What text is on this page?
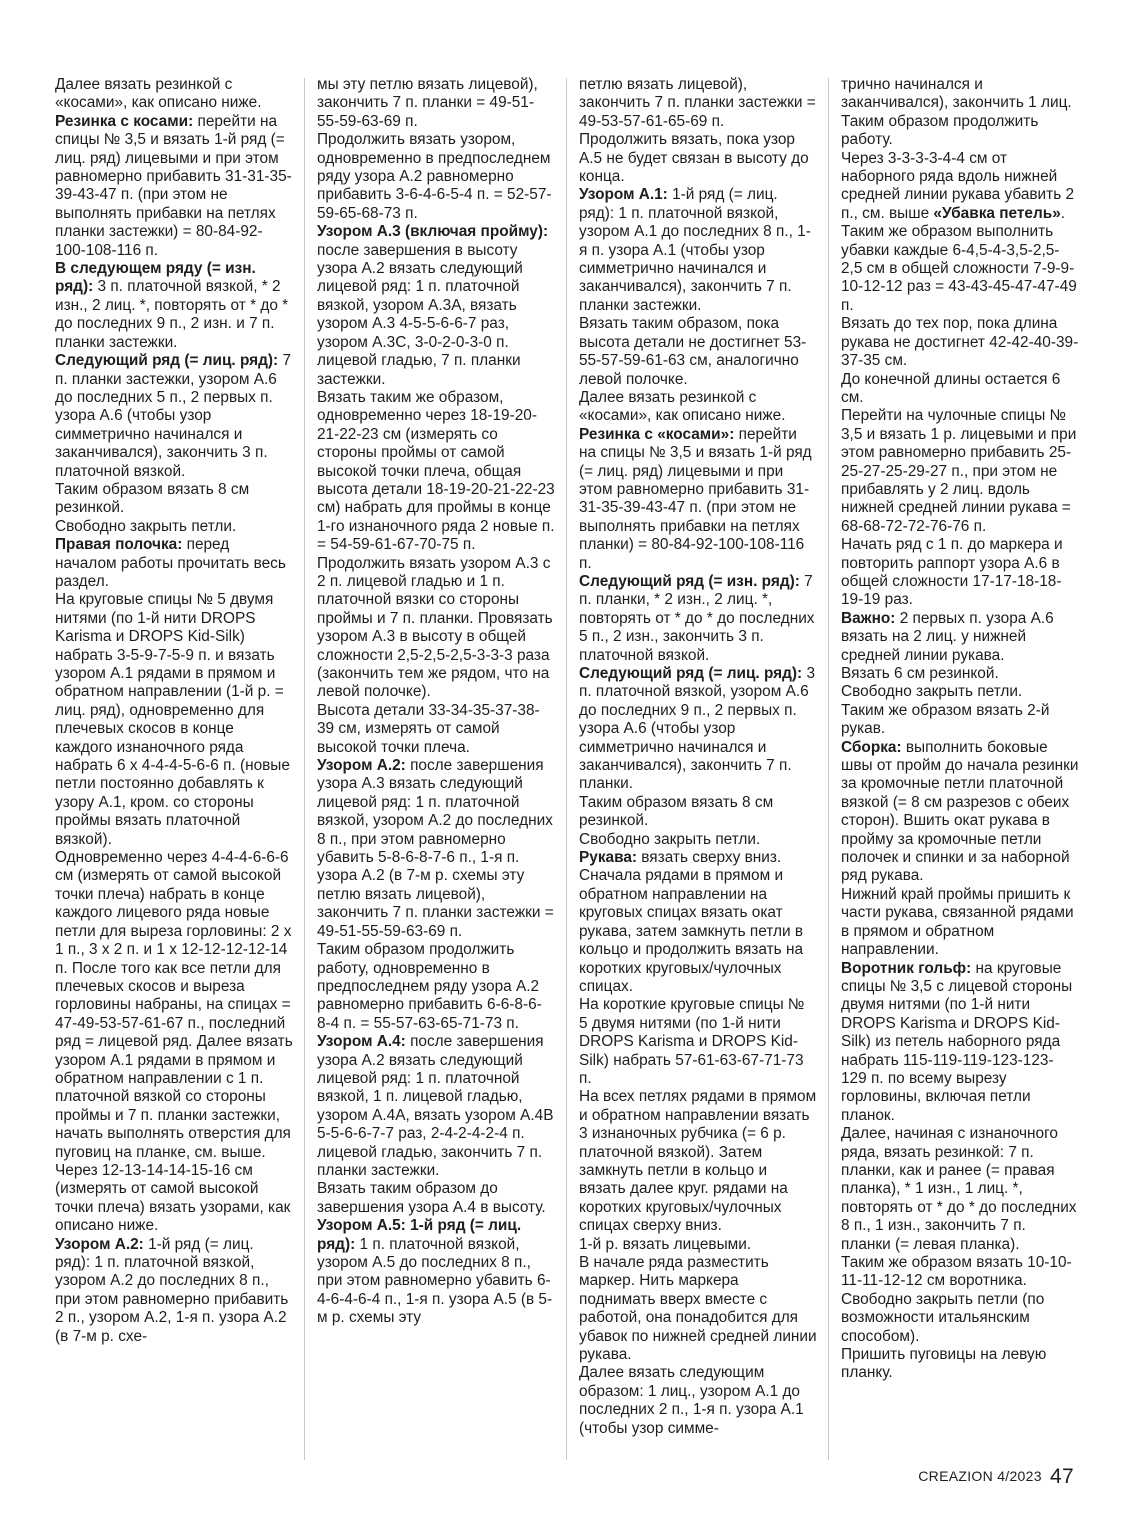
Далее вязать резинкой с «косами», как описано ниже.

Резинка с косами: перейти на спицы № 3,5 и вязать 1-й ряд (= лиц. ряд) лицевыми и при этом равномерно прибавить 31-31-35-39-43-47 п. (при этом не выполнять прибавки на петлях планки застежки) = 80-84-92-100-108-116 п.

В следующем ряду (= изн. ряд): 3 п. платочной вязкой, * 2 изн., 2 лиц. *, повторять от * до * до последних 9 п., 2 изн. и 7 п. планки застежки.

Следующий ряд (= лиц. ряд): 7 п. планки застежки, узором А.6 до последних 5 п., 2 первых п. узора А.6 (чтобы узор симметрично начинался и заканчивался), закончить 3 п. платочной вязкой.

Таким образом вязать 8 см резинкой.

Свободно закрыть петли.

Правая полочка: перед началом работы прочитать весь раздел.

На круговые спицы № 5 двумя нитями (по 1-й нити DROPS Karisma и DROPS Kid-Silk) набрать 3-5-9-7-5-9 п. и вязать узором А.1 рядами в прямом и обратном направлении (1-й р. = лиц. ряд), одновременно для плечевых скосов в конце каждого изнаночного ряда набрать 6 х 4-4-4-5-6-6 п. (новые петли постоянно добавлять к узору А.1, кром. со стороны проймы вязать платочной вязкой).

Одновременно через 4-4-4-6-6-6 см (измерять от самой высокой точки плеча) набрать в конце каждого лицевого ряда новые петли для выреза горловины: 2 х 1 п., 3 х 2 п. и 1 х 12-12-12-12-14 п. После того как все петли для плечевых скосов и выреза горловины набраны, на спицах = 47-49-53-57-61-67 п., последний ряд = лицевой ряд. Далее вязать узором А.1 рядами в прямом и обратном направлении с 1 п. платочной вязкой со стороны проймы и 7 п. планки застежки, начать выполнять отверстия для пуговиц на планке, см. выше.

Через 12-13-14-14-15-16 см (измерять от самой высокой точки плеча) вязать узорами, как описано ниже.

Узором А.2: 1-й ряд (= лиц. ряд): 1 п. платочной вязкой, узором А.2 до последних 8 п., при этом равномерно прибавить 2 п., узором А.2, 1-я п. узора А.2 (в 7-м р. схе-

мы эту петлю вязать лицевой), закончить 7 п. планки = 49-51-55-59-63-69 п.

Продолжить вязать узором, одновременно в предпоследнем ряду узора А.2 равномерно прибавить 3-6-4-6-5-4 п. = 52-57-59-65-68-73 п.

Узором А.3 (включая пройму): после завершения в высоту узора А.2 вязать следующий лицевой ряд: 1 п. платочной вязкой, узором А.3А, вязать узором А.3 4-5-5-6-6-7 раз, узором А.3С, 3-0-2-0-3-0 п. лицевой гладью, 7 п. планки застежки.

Вязать таким же образом, одновременно через 18-19-20-21-22-23 см (измерять со стороны проймы от самой высокой точки плеча, общая высота детали 18-19-20-21-22-23 см) набрать для проймы в конце 1-го изнаночного ряда 2 новые п. = 54-59-61-67-70-75 п.

Продолжить вязать узором А.3 с 2 п. лицевой гладью и 1 п. платочной вязки со стороны проймы и 7 п. планки. Провязать узором А.3 в высоту в общей сложности 2,5-2,5-2,5-3-3-3 раза (закончить тем же рядом, что на левой полочке).

Высота детали 33-34-35-37-38-39 см, измерять от самой высокой точки плеча.

Узором А.2: после завершения узора А.3 вязать следующий лицевой ряд: 1 п. платочной вязкой, узором А.2 до последних 8 п., при этом равномерно убавить 5-8-6-8-7-6 п., 1-я п. узора А.2 (в 7-м р. схемы эту петлю вязать лицевой), закончить 7 п. планки застежки = 49-51-55-59-63-69 п.

Таким образом продолжить работу, одновременно в предпоследнем ряду узора А.2 равномерно прибавить 6-6-8-6-8-4 п. = 55-57-63-65-71-73 п.

Узором А.4: после завершения узора А.2 вязать следующий лицевой ряд: 1 п. платочной вязкой, 1 п. лицевой гладью, узором А.4А, вязать узором А.4В 5-5-6-6-7-7 раз, 2-4-2-4-2-4 п. лицевой гладью, закончить 7 п. планки застежки.

Вязать таким образом до завершения узора А.4 в высоту.

Узором А.5: 1-й ряд (= лиц. ряд): 1 п. платочной вязкой, узором А.5 до последних 8 п., при этом равномерно убавить 6-4-6-4-6-4 п., 1-я п. узора А.5 (в 5-м р. схемы эту

петлю вязать лицевой), закончить 7 п. планки застежки = 49-53-57-61-65-69 п.

Продолжить вязать, пока узор А.5 не будет связан в высоту до конца.

Узором А.1: 1-й ряд (= лиц. ряд): 1 п. платочной вязкой, узором А.1 до последних 8 п., 1-я п. узора А.1 (чтобы узор симметрично начинался и заканчивался), закончить 7 п. планки застежки.

Вязать таким образом, пока высота детали не достигнет 53-55-57-59-61-63 см, аналогично левой полочке.

Далее вязать резинкой с «косами», как описано ниже.

Резинка с «косами»: перейти на спицы № 3,5 и вязать 1-й ряд (= лиц. ряд) лицевыми и при этом равномерно прибавить 31-31-35-39-43-47 п. (при этом не выполнять прибавки на петлях планки) = 80-84-92-100-108-116 п.

Следующий ряд (= изн. ряд): 7 п. планки, * 2 изн., 2 лиц. *, повторять от * до * до последних 5 п., 2 изн., закончить 3 п. платочной вязкой.

Следующий ряд (= лиц. ряд): 3 п. платочной вязкой, узором А.6 до последних 9 п., 2 первых п. узора А.6 (чтобы узор симметрично начинался и заканчивался), закончить 7 п. планки.

Таким образом вязать 8 см резинкой.

Свободно закрыть петли.

Рукава: вязать сверху вниз. Сначала рядами в прямом и обратном направлении на круговых спицах вязать окат рукава, затем замкнуть петли в кольцо и продолжить вязать на коротких круговых/чулочных спицах.

На короткие круговые спицы № 5 двумя нитями (по 1-й нити DROPS Karisma и DROPS Kid-Silk) набрать 57-61-63-67-71-73 п.

На всех петлях рядами в прямом и обратном направлении вязать 3 изнаночных рубчика (= 6 р. платочной вязкой). Затем замкнуть петли в кольцо и вязать далее круг. рядами на коротких круговых/чулочных спицах сверху вниз.

1-й р. вязать лицевыми.

В начале ряда разместить маркер. Нить маркера поднимать вверх вместе с работой, она понадобится для убавок по нижней средней линии рукава.

Далее вязать следующим образом: 1 лиц., узором А.1 до последних 2 п., 1-я п. узора А.1 (чтобы узор симме-

трично начинался и заканчивался), закончить 1 лиц.

Таким образом продолжить работу.

Через 3-3-3-3-4-4 см от наборного ряда вдоль нижней средней линии рукава убавить 2 п., см. выше «Убавка петель».

Таким же образом выполнить убавки каждые 6-4,5-4-3,5-2,5-2,5 см в общей сложности 7-9-9-10-12-12 раз = 43-43-45-47-47-49 п.

Вязать до тех пор, пока длина рукава не достигнет 42-42-40-39-37-35 см.

До конечной длины остается 6 см.

Перейти на чулочные спицы № 3,5 и вязать 1 р. лицевыми и при этом равномерно прибавить 25-25-27-25-29-27 п., при этом не прибавлять у 2 лиц. вдоль нижней средней линии рукава = 68-68-72-72-76-76 п.

Начать ряд с 1 п. до маркера и повторить раппорт узора А.6 в общей сложности 17-17-18-18-19-19 раз.

Важно: 2 первых п. узора А.6 вязать на 2 лиц. у нижней средней линии рукава.

Вязать 6 см резинкой.

Свободно закрыть петли.

Таким же образом вязать 2-й рукав.

Сборка: выполнить боковые швы от пройм до начала резинки за кромочные петли платочной вязкой (= 8 см разрезов с обеих сторон). Вшить окат рукава в пройму за кромочные петли полочек и спинки и за наборной ряд рукава.

Нижний край проймы пришить к части рукава, связанной рядами в прямом и обратном направлении.

Воротник гольф: на круговые спицы № 3,5 с лицевой стороны двумя нитями (по 1-й нити DROPS Karisma и DROPS Kid-Silk) из петель наборного ряда набрать 115-119-119-123-123-129 п. по всему вырезу горловины, включая петли планок.

Далее, начиная с изнаночного ряда, вязать резинкой: 7 п. планки, как и ранее (= правая планка), * 1 изн., 1 лиц. *, повторять от * до * до последних 8 п., 1 изн., закончить 7 п. планки (= левая планка).

Таким же образом вязать 10-10-11-11-12-12 см воротника.

Свободно закрыть петли (по возможности итальянским способом).

Пришить пуговицы на левую планку.

CREAZION 4/2023 47
